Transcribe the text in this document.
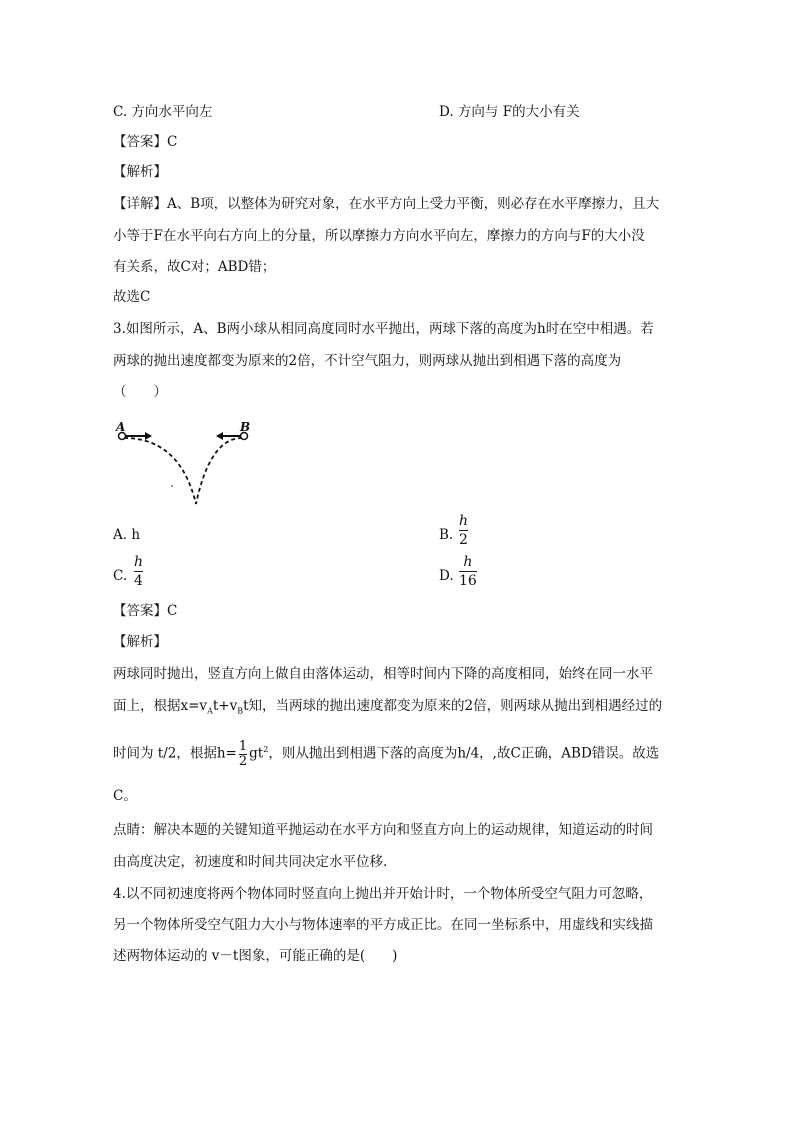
C. 方向水平向左	D. 方向与 F的大小有关
【答案】C
【解析】
【详解】A、B项，以整体为研究对象，在水平方向上受力平衡，则必存在水平摩擦力，且大
小等于F在水平向右方向上的分量，所以摩擦力方向水平向左，摩擦力的方向与F的大小没
有关系，故C对；ABD错；
故选C
3.如图所示，A、B两小球从相同高度同时水平抛出，两球下落的高度为h时在空中相遇。若
两球的抛出速度都变为原来的2倍，不计空气阻力，则两球从抛出到相遇下落的高度为
（　　）
A	B
A. h	B.
h
2
C.
h
4	D.
h
16
【答案】C
【解析】
两球同时抛出，竖直方向上做自由落体运动，相等时间内下降的高度相同，始终在同一水平
面上，根据$x=v_At+v_Bt$知，当两球的抛出速度都变为原来的2倍，则两球从抛出到相遇经过的
时间为 t/2，根据$h= \frac{1}{2} gt^2$，则从抛出到相遇下落的高度为h/4，,故C正确，ABD错误。故选
C。
点睛：解决本题的关键知道平抛运动在水平方向和竖直方向上的运动规律，知道运动的时间
由高度决定，初速度和时间共同决定水平位移.
4.以不同初速度将两个物体同时竖直向上抛出并开始计时，一个物体所受空气阻力可忽略，
另一个物体所受空气阻力大小与物体速率的平方成正比。在同一坐标系中，用虚线和实线描
述两物体运动的 v－t图象，可能正确的是(　　)
